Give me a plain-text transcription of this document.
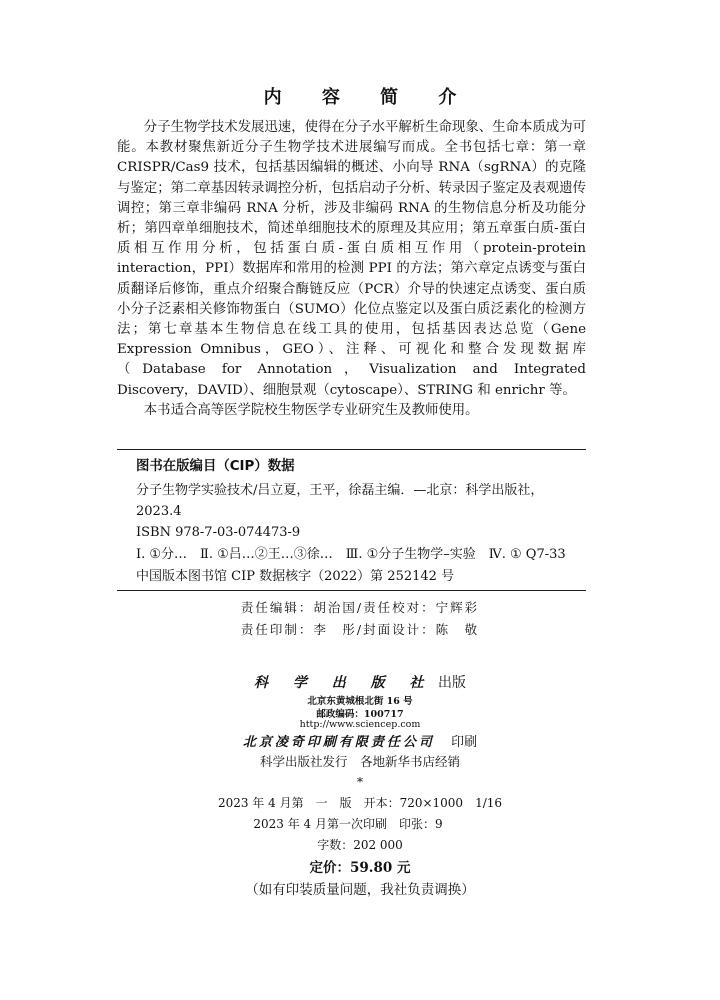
内 容 简 介

分子生物学技术发展迅速，使得在分子水平解析生命现象、生命本质成为可能。本教材聚焦新近分子生物学技术进展编写而成。全书包括七章：第一章 CRISPR/Cas9 技术，包括基因编辑的概述、小向导 RNA（sgRNA）的克隆与鉴定；第二章基因转录调控分析，包括启动子分析、转录因子鉴定及表观遗传调控；第三章非编码 RNA 分析，涉及非编码 RNA 的生物信息分析及功能分析；第四章单细胞技术，简述单细胞技术的原理及其应用；第五章蛋白质-蛋白质相互作用分析，包括蛋白质-蛋白质相互作用（protein-protein interaction，PPI）数据库和常用的检测 PPI 的方法；第六章定点诱变与蛋白质翻译后修饰，重点介绍聚合酶链反应（PCR）介导的快速定点诱变、蛋白质小分子泛素相关修饰物蛋白（SUMO）化位点鉴定以及蛋白质泛素化的检测方法；第七章基本生物信息在线工具的使用，包括基因表达总览（Gene Expression Omnibus，GEO）、注释、可视化和整合发现数据库（Database for Annotation，Visualization and Integrated Discovery，DAVID）、细胞景观（cytoscape）、STRING 和 enrichr 等。

本书适合高等医学院校生物医学专业研究生及教师使用。

图书在版编目（CIP）数据
分子生物学实验技术/吕立夏，王平，徐磊主编．—北京：科学出版社，2023.4
ISBN 978-7-03-074473-9
Ⅰ. ①分…　Ⅱ. ①吕…②王…③徐…　Ⅲ. ①分子生物学–实验　Ⅳ. ① Q7-33
中国版本图书馆 CIP 数据核字（2022）第 252142 号
责任编辑：胡治国/责任校对：宁辉彩
责任印制：李　彤/封面设计：陈　敬
科 学 出 版 社 出版
北京东黄城根北街 16 号
邮政编码：100717
http://www.sciencep.com
北京凌奇印刷有限责任公司 印刷
科学出版社发行　各地新华书店经销
*
2023 年 4 月第　一　版　开本：720×1000　1/16
2023 年 4 月第一次印刷　印张：9
字数：202 000
定价：59.80 元
（如有印装质量问题，我社负责调换）
